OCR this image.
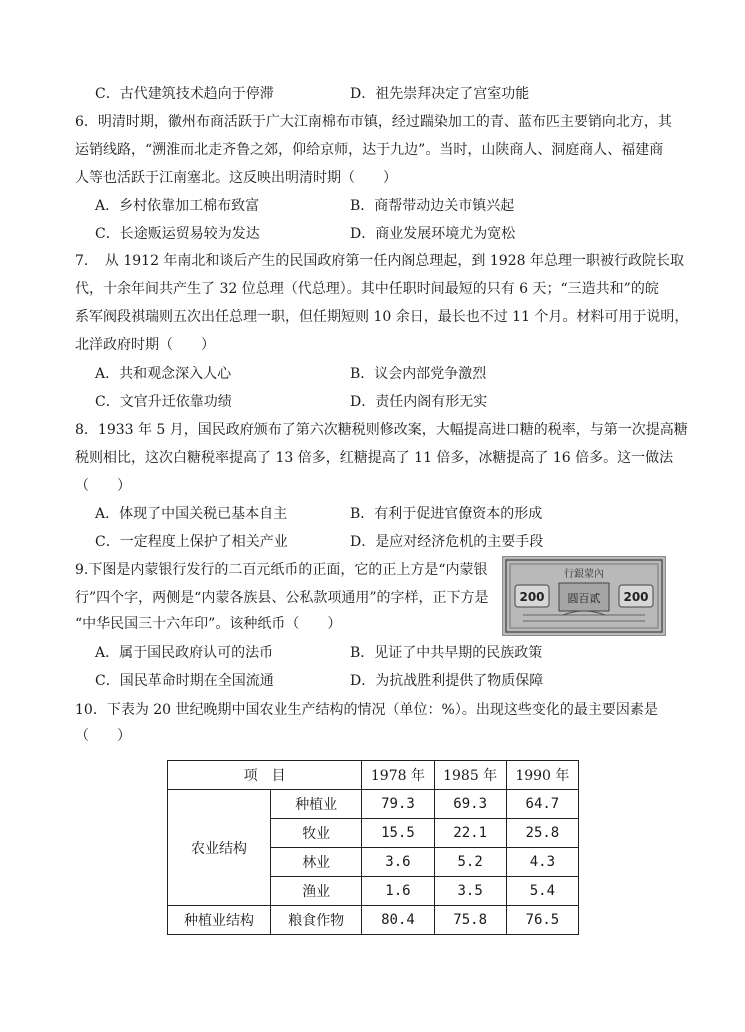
C．古代建筑技术趋向于停滞	D．祖先崇拜决定了宫室功能
6．明清时期，徽州布商活跃于广大江南棉布市镇，经过踹染加工的青、蓝布匹主要销向北方，其
运销线路，“溯淮而北走齐鲁之郊，仰给京师，达于九边”。当时，山陕商人、洞庭商人、福建商
人等也活跃于江南塞北。这反映出明清时期（　　）
A．乡村依靠加工棉布致富	B．商帮带动边关市镇兴起
C．长途贩运贸易较为发达	D．商业发展环境尤为宽松
7．　从 1912 年南北和谈后产生的民国政府第一任内阁总理起，到 1928 年总理一职被行政院长取
代，十余年间共产生了 32 位总理（代总理）。其中任职时间最短的只有 6 天；“三造共和”的皖
系军阀段祺瑞则五次出任总理一职，但任期短则 10 余日，最长也不过 11 个月。材料可用于说明，
北洋政府时期（　　）
A．共和观念深入人心	B．议会内部党争激烈
C．文官升迁依靠功绩	D．责任内阁有形无实
8．1933 年 5 月，国民政府颁布了第六次糖税则修改案，大幅提高进口糖的税率，与第一次提高糖
税则相比，这次白糖税率提高了 13 倍多，红糖提高了 11 倍多，冰糖提高了 16 倍多。这一做法
（　　）
A．体现了中国关税已基本自主	B．有利于促进官僚资本的形成
C．一定程度上保护了相关产业	D．是应对经济危机的主要手段
9.下图是内蒙银行发行的二百元纸币的正面，它的正上方是“内蒙银
行”四个字，两侧是“内蒙各族县、公私款项通用”的字样，正下方是
“中华民国三十六年印”。该种纸币（　　）
行銀蒙內
200	200
圓百貳
A．属于国民政府认可的法币	B．见证了中共早期的民族政策
C．国民革命时期在全国流通	D．为抗战胜利提供了物质保障
10．下表为 20 世纪晚期中国农业生产结构的情况（单位：%）。出现这些变化的最主要因素是
（　　）
项　目		1978 年	1985 年	1990 年
农业结构	种植业	79.3	69.3	64.7
	牧业	15.5	22.1	25.8
	林业	3.6	5.2	4.3
	渔业	1.6	3.5	5.4
种植业结构	粮食作物	80.4	75.8	76.5
